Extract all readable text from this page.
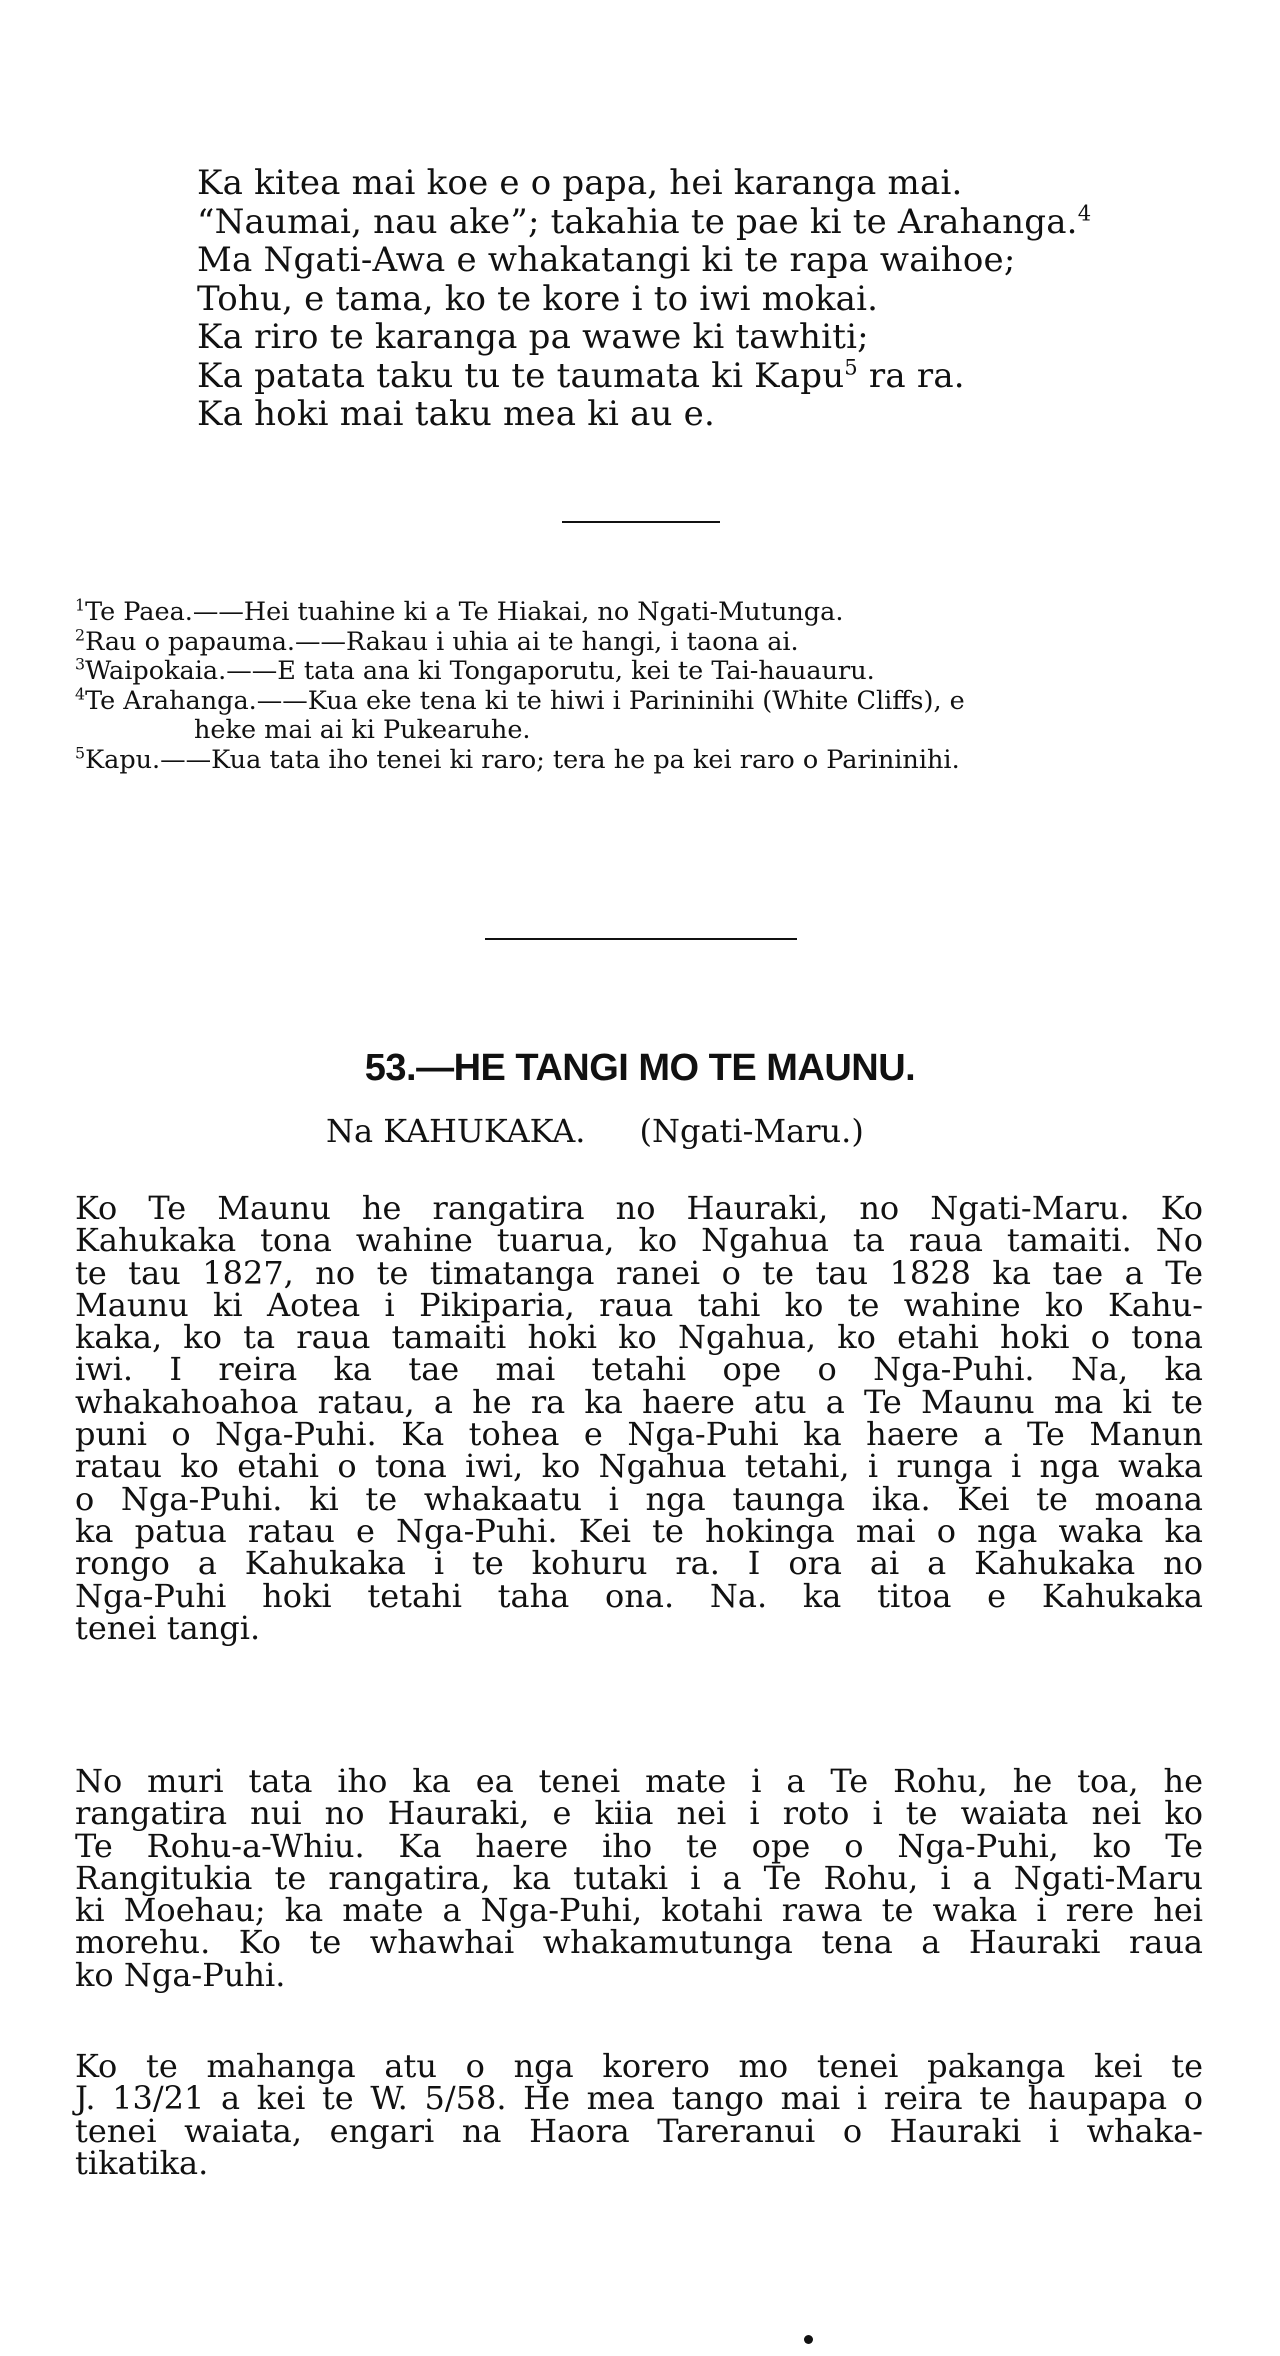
Ka kitea mai koe e o papa, hei karanga mai.
“Naumai, nau ake”; takahia te pae ki te Arahanga.$^4$
Ma Ngati-Awa e whakatangi ki te rapa waihoe;
Tohu, e tama, ko te kore i to iwi mokai.
Ka riro te karanga pa wawe ki tawhiti;
Ka patata taku tu te taumata ki Kapu$^5$ ra ra.
Ka hoki mai taku mea ki au e.
$^1$Te Paea.——Hei tuahine ki a Te Hiakai, no Ngati-Mutunga.
$^2$Rau o papauma.——Rakau i uhia ai te hangi, i taona ai.
$^3$Waipokaia.——E tata ana ki Tongaporutu, kei te Tai-hauauru.
$^4$Te Arahanga.——Kua eke tena ki te hiwi i Parininihi (White Cliffs), e
heke mai ai ki Pukearuhe.
$^5$Kapu.——Kua tata iho tenei ki raro; tera he pa kei raro o Parininihi.
53.—HE TANGI MO TE MAUNU.
Na KAHUKAKA. (Ngati-Maru.)
Ko Te Maunu he rangatira no Hauraki, no Ngati-Maru. Ko
Kahukaka tona wahine tuarua, ko Ngahua ta raua tamaiti. No
te tau 1827, no te timatanga ranei o te tau 1828 ka tae a Te
Maunu ki Aotea i Pikiparia, raua tahi ko te wahine ko Kahu-
kaka, ko ta raua tamaiti hoki ko Ngahua, ko etahi hoki o tona
iwi. I reira ka tae mai tetahi ope o Nga-Puhi. Na, ka
whakahoahoa ratau, a he ra ka haere atu a Te Maunu ma ki te
puni o Nga-Puhi. Ka tohea e Nga-Puhi ka haere a Te Manun
ratau ko etahi o tona iwi, ko Ngahua tetahi, i runga i nga waka
o Nga-Puhi. ki te whakaatu i nga taunga ika. Kei te moana
ka patua ratau e Nga-Puhi. Kei te hokinga mai o nga waka ka
rongo a Kahukaka i te kohuru ra. I ora ai a Kahukaka no
Nga-Puhi hoki tetahi taha ona. Na. ka titoa e Kahukaka
tenei tangi.
No muri tata iho ka ea tenei mate i a Te Rohu, he toa, he
rangatira nui no Hauraki, e kiia nei i roto i te waiata nei ko
Te Rohu-a-Whiu. Ka haere iho te ope o Nga-Puhi, ko Te
Rangitukia te rangatira, ka tutaki i a Te Rohu, i a Ngati-Maru
ki Moehau; ka mate a Nga-Puhi, kotahi rawa te waka i rere hei
morehu. Ko te whawhai whakamutunga tena a Hauraki raua
ko Nga-Puhi.
Ko te mahanga atu o nga korero mo tenei pakanga kei te
J. 13/21 a kei te W. 5/58. He mea tango mai i reira te haupapa o
tenei waiata, engari na Haora Tareranui o Hauraki i whaka-
tikatika.
